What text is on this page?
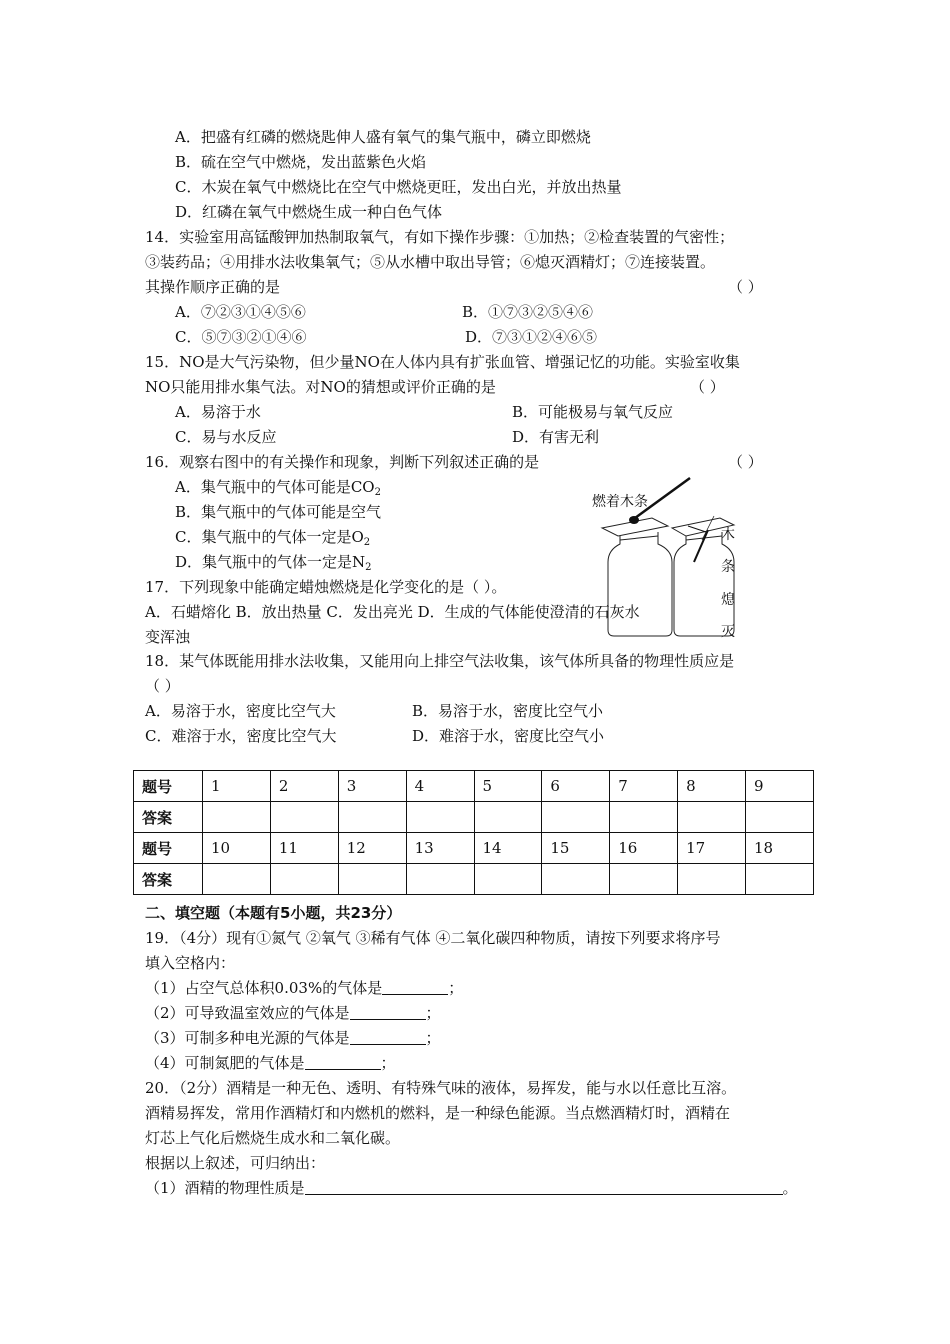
A．把盛有红磷的燃烧匙伸人盛有氧气的集气瓶中，磷立即燃烧
B．硫在空气中燃烧，发出蓝紫色火焰
C．木炭在氧气中燃烧比在空气中燃烧更旺，发出白光，并放出热量
D．红磷在氧气中燃烧生成一种白色气体
14．实验室用高锰酸钾加热制取氧气，有如下操作步骤：①加热；②检查装置的气密性；
③装药品；④用排水法收集氧气；⑤从水槽中取出导管；⑥熄灭酒精灯；⑦连接装置。
其操作顺序正确的是	（ ）
A．⑦②③①④⑤⑥	B．①⑦③②⑤④⑥
C．⑤⑦③②①④⑥	D．⑦③①②④⑥⑤
15．NO是大气污染物，但少量NO在人体内具有扩张血管、增强记忆的功能。实验室收集
NO只能用排水集气法。对NO的猜想或评价正确的是	（ ）
A．易溶于水	B．可能极易与氧气反应
C．易与水反应	D．有害无利
16．观察右图中的有关操作和现象，判断下列叙述正确的是	（ ）
A．集气瓶中的气体可能是$CO_2$
B．集气瓶中的气体可能是空气
C．集气瓶中的气体一定是$O_2$
D．集气瓶中的气体一定是$N_2$
燃着木条
木
条
熄
灭
17．下列现象中能确定蜡烛燃烧是化学变化的是（ ）。
A．石蜡熔化 B．放出热量 C．发出亮光 D．生成的气体能使澄清的石灰水
变浑浊
18．某气体既能用排水法收集，又能用向上排空气法收集，该气体所具备的物理性质应是
（ ）
A．易溶于水，密度比空气大	B．易溶于水，密度比空气小
C．难溶于水，密度比空气大	D．难溶于水，密度比空气小
题号	1	2	3	4	5	6	7	8	9
答案									
题号	10	11	12	13	14	15	16	17	18
答案									
二、填空题（本题有5小题，共23分）
19．（4分）现有①氮气 ②氧气 ③稀有气体 ④二氧化碳四种物质，请按下列要求将序号
填入空格内：
（1）占空气总体积0.03%的气体是	；
（2）可导致温室效应的气体是	；
（3）可制多种电光源的气体是	；
（4）可制氮肥的气体是	；
20．（2分）酒精是一种无色、透明、有特殊气味的液体，易挥发，能与水以任意比互溶。
酒精易挥发，常用作酒精灯和内燃机的燃料，是一种绿色能源。当点燃酒精灯时，酒精在
灯芯上气化后燃烧生成水和二氧化碳。
根据以上叙述，可归纳出：
（1）酒精的物理性质是	。
